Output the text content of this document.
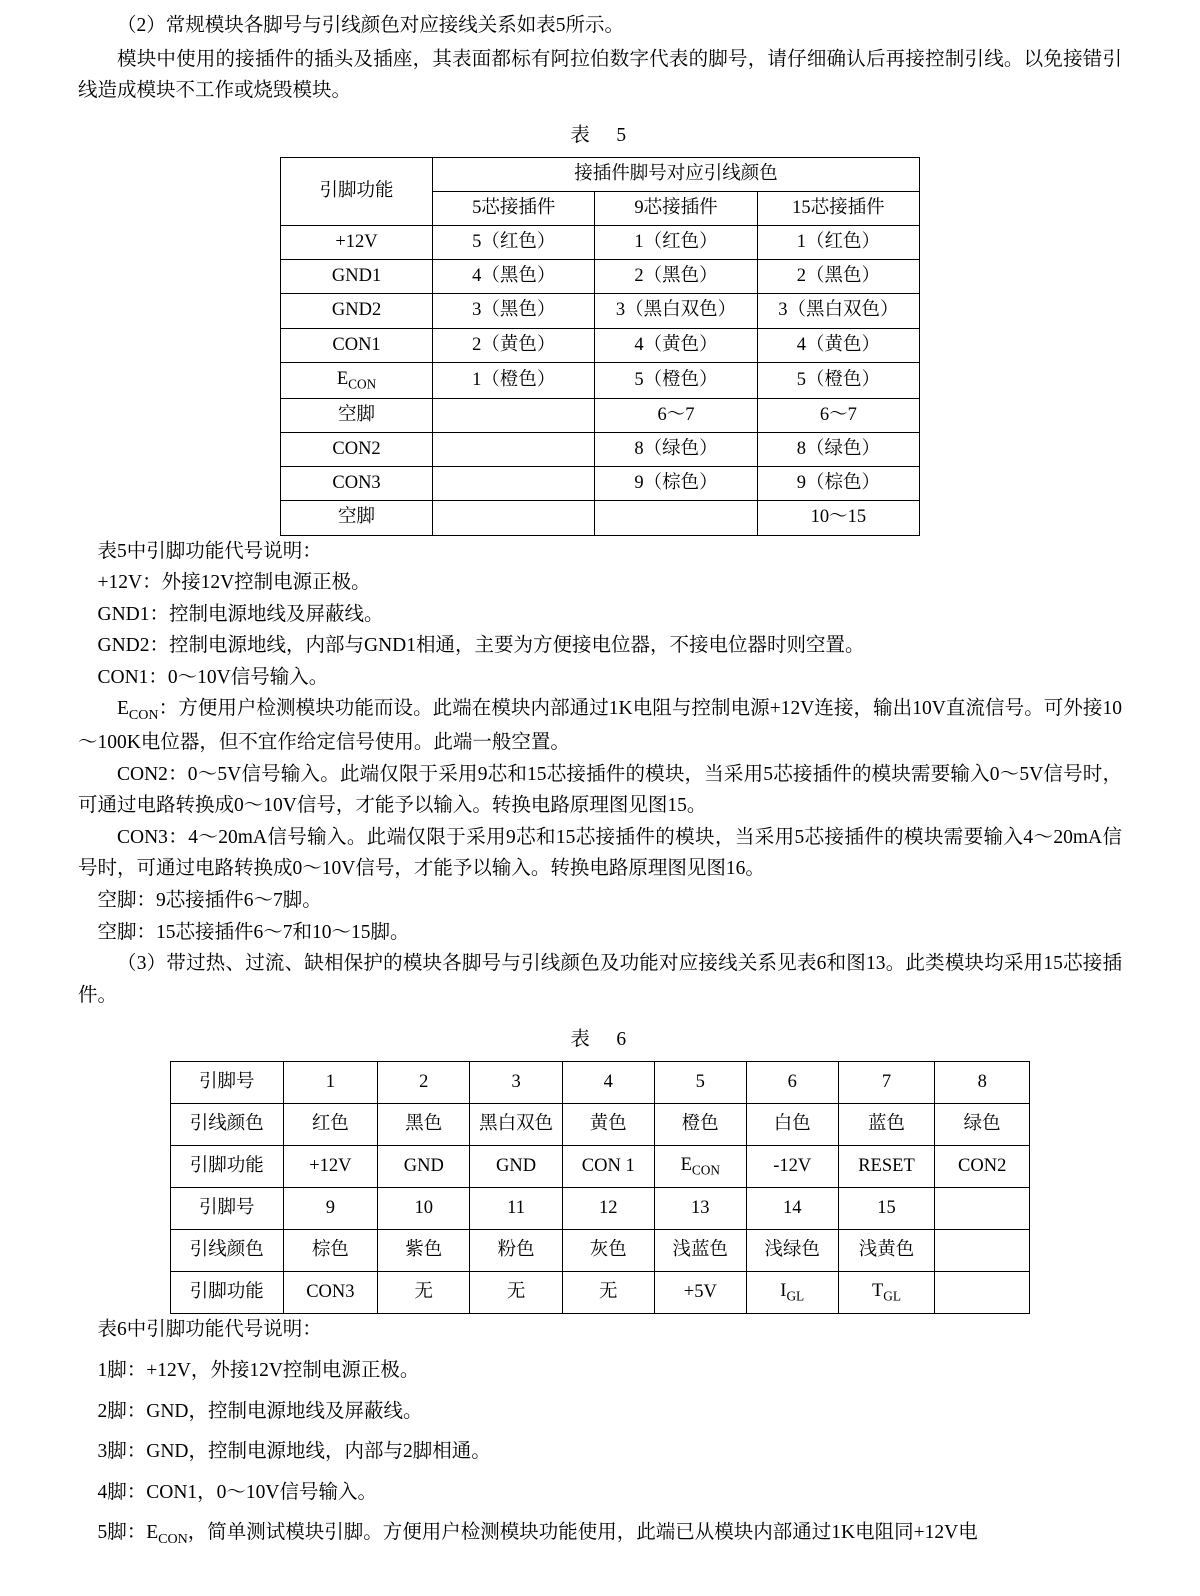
（2）常规模块各脚号与引线颜色对应接线关系如表5所示。

模块中使用的接插件的插头及插座，其表面都标有阿拉伯数字代表的脚号，请仔细确认后再接控制引线。以免接错引线造成模块不工作或烧毁模块。

表　5
引脚功能	接插件脚号对应引线颜色		
	5芯接插件	9芯接插件	15芯接插件
+12V	5（红色）	1（红色）	1（红色）
GND1	4（黑色）	2（黑色）	2（黑色）
GND2	3（黑色）	3（黑白双色）	3（黑白双色）
CON1	2（黄色）	4（黄色）	4（黄色）
$E_{CON}$	1（橙色）	5（橙色）	5（橙色）
空脚		6～7	6～7
CON2		8（绿色）	8（绿色）
CON3		9（棕色）	9（棕色）
空脚			10～15

表5中引脚功能代号说明：

+12V：外接12V控制电源正极。

GND1：控制电源地线及屏蔽线。

GND2：控制电源地线，内部与GND1相通，主要为方便接电位器，不接电位器时则空置。

CON1：0～10V信号输入。

$E_{CON}$：方便用户检测模块功能而设。此端在模块内部通过1K电阻与控制电源+12V连接，输出10V直流信号。可外接10～100K电位器，但不宜作给定信号使用。此端一般空置。

CON2：0～5V信号输入。此端仅限于采用9芯和15芯接插件的模块，当采用5芯接插件的模块需要输入0～5V信号时，可通过电路转换成0～10V信号，才能予以输入。转换电路原理图见图15。

CON3：4～20mA信号输入。此端仅限于采用9芯和15芯接插件的模块，当采用5芯接插件的模块需要输入4～20mA信号时，可通过电路转换成0～10V信号，才能予以输入。转换电路原理图见图16。

空脚：9芯接插件6～7脚。

空脚：15芯接插件6～7和10～15脚。

（3）带过热、过流、缺相保护的模块各脚号与引线颜色及功能对应接线关系见表6和图13。此类模块均采用15芯接插件。

表　6
引脚号	1	2	3	4	5	6	7	8
引线颜色	红色	黑色	黑白双色	黄色	橙色	白色	蓝色	绿色
引脚功能	+12V	GND	GND	CON 1	$E_{CON}$	-12V	RESET	CON2
引脚号	9	10	11	12	13	14	15	
引线颜色	棕色	紫色	粉色	灰色	浅蓝色	浅绿色	浅黄色	
引脚功能	CON3	无	无	无	+5V	$I_{GL}$	$T_{GL}$	

表6中引脚功能代号说明：

1脚：+12V，外接12V控制电源正极。

2脚：GND，控制电源地线及屏蔽线。

3脚：GND，控制电源地线，内部与2脚相通。

4脚：CON1，0～10V信号输入。

5脚：$E_{CON}$，简单测试模块引脚。方便用户检测模块功能使用，此端已从模块内部通过1K电阻同+12V电
